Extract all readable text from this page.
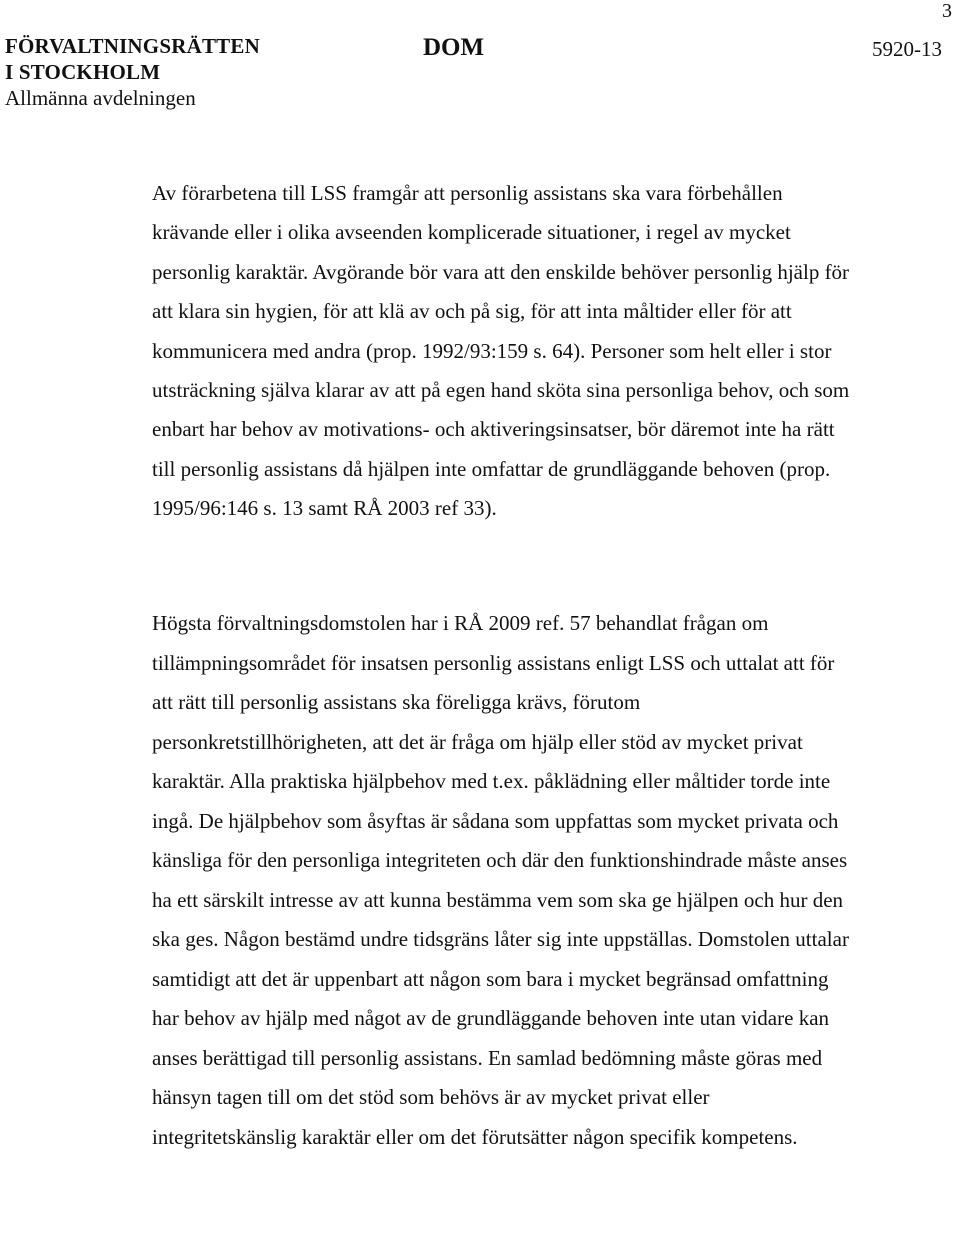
3
FÖRVALTNINGSRÄTTEN
I STOCKHOLM
Allmänna avdelningen
DOM	5920-13

Av förarbetena till LSS framgår att personlig assistans ska vara förbehållen krävande eller i olika avseenden komplicerade situationer, i regel av mycket personlig karaktär. Avgörande bör vara att den enskilde behöver personlig hjälp för att klara sin hygien, för att klä av och på sig, för att inta måltider eller för att kommunicera med andra (prop. 1992/93:159 s. 64). Personer som helt eller i stor utsträckning själva klarar av att på egen hand sköta sina personliga behov, och som enbart har behov av motivations- och aktiveringsinsatser, bör däremot inte ha rätt till personlig assistans då hjälpen inte omfattar de grundläggande behoven (prop. 1995/96:146 s. 13 samt RÅ 2003 ref 33).

Högsta förvaltningsdomstolen har i RÅ 2009 ref. 57 behandlat frågan om tillämpningsområdet för insatsen personlig assistans enligt LSS och uttalat att för att rätt till personlig assistans ska föreligga krävs, förutom personkretstillhörigheten, att det är fråga om hjälp eller stöd av mycket privat karaktär. Alla praktiska hjälpbehov med t.ex. påklädning eller måltider torde inte ingå. De hjälpbehov som åsyftas är sådana som uppfattas som mycket privata och känsliga för den personliga integriteten och där den funktionshindrade måste anses ha ett särskilt intresse av att kunna bestämma vem som ska ge hjälpen och hur den ska ges. Någon bestämd undre tidsgräns låter sig inte uppställas. Domstolen uttalar samtidigt att det är uppenbart att någon som bara i mycket begränsad omfattning har behov av hjälp med något av de grundläggande behoven inte utan vidare kan anses berättigad till personlig assistans. En samlad bedömning måste göras med hänsyn tagen till om det stöd som behövs är av mycket privat eller integritetskänslig karaktär eller om det förutsätter någon specifik kompetens.
